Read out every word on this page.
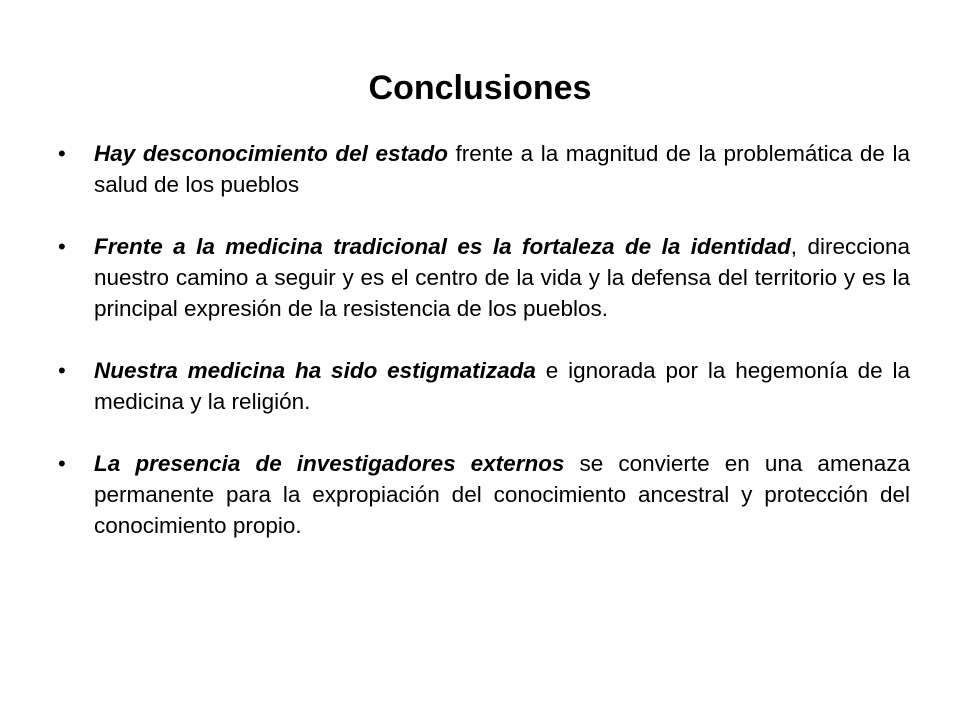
Conclusiones
• Hay desconocimiento del estado frente a la magnitud de la problemática de la salud de los pueblos
• Frente a la medicina tradicional es la fortaleza de la identidad, direcciona nuestro camino a seguir y es el centro de la vida y la defensa del territorio y es la principal expresión de la resistencia de los pueblos.
• Nuestra medicina ha sido estigmatizada e ignorada por la hegemonía de la medicina y la religión.
• La presencia de investigadores externos se convierte en una amenaza permanente para la expropiación del conocimiento ancestral y protección del conocimiento propio.
